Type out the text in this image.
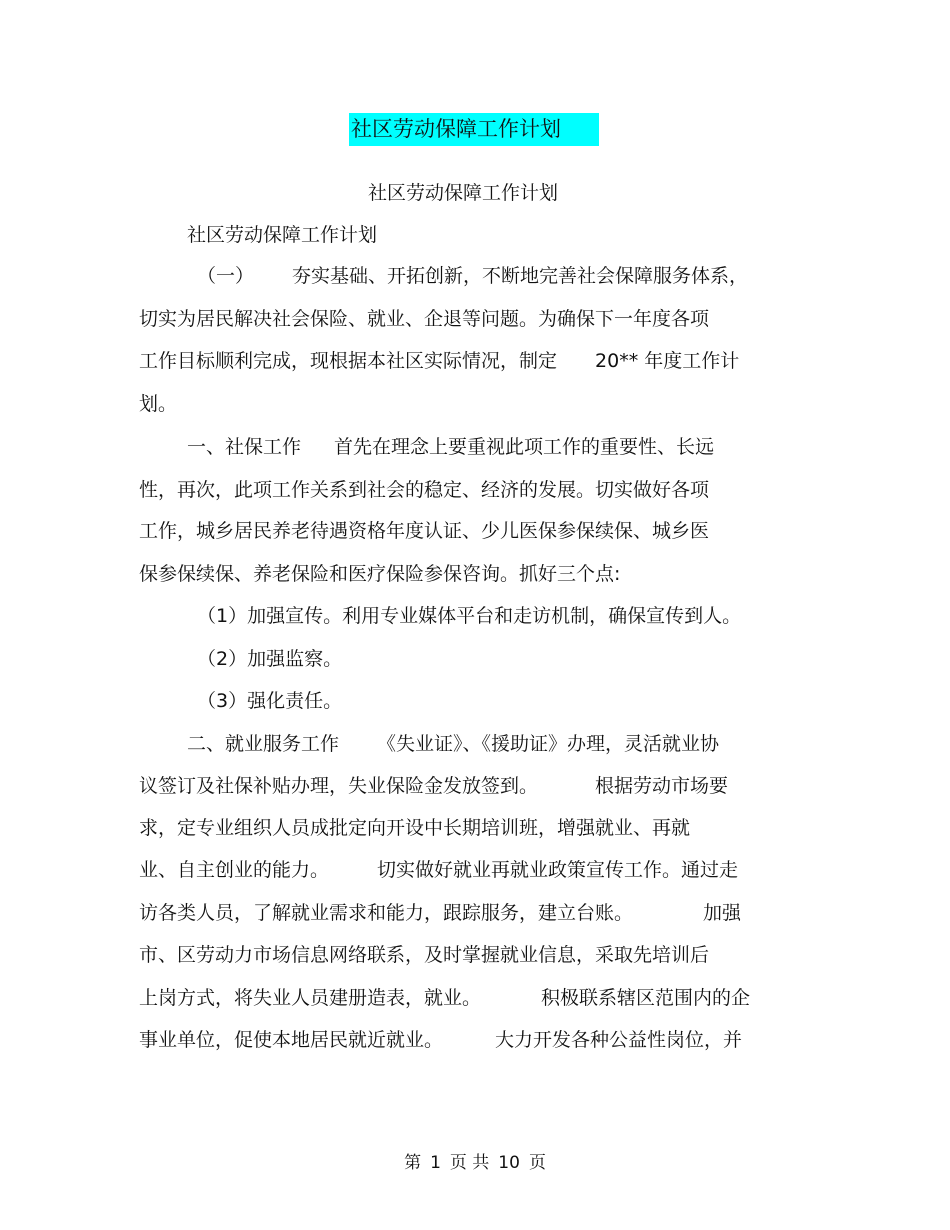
社区劳动保障工作计划
社区劳动保障工作计划
社区劳动保障工作计划
（一） 夯实基础、开拓创新，不断地完善社会保障服务体系，
切实为居民解决社会保险、就业、企退等问题。为确保下一年度各项
工作目标顺利完成，现根据本社区实际情况，制定 20** 年度工作计
划。
一、社保工作 首先在理念上要重视此项工作的重要性、长远
性，再次，此项工作关系到社会的稳定、经济的发展。切实做好各项
工作，城乡居民养老待遇资格年度认证、少儿医保参保续保、城乡医
保参保续保、养老保险和医疗保险参保咨询。抓好三个点:
（1）加强宣传。利用专业媒体平台和走访机制，确保宣传到人。
（2）加强监察。
（3）强化责任。
二、就业服务工作 《失业证》、《援助证》办理，灵活就业协
议签订及社保补贴办理，失业保险金发放签到。	根据劳动市场要
求，定专业组织人员成批定向开设中长期培训班，增强就业、再就
业、自主创业的能力。	切实做好就业再就业政策宣传工作。通过走
访各类人员，了解就业需求和能力，跟踪服务，建立台账。	加强
市、区劳动力市场信息网络联系，及时掌握就业信息，采取先培训后
上岗方式，将失业人员建册造表，就业。	积极联系辖区范围内的企
事业单位，促使本地居民就近就业。	大力开发各种公益性岗位，并
第 1 页 共 10 页
